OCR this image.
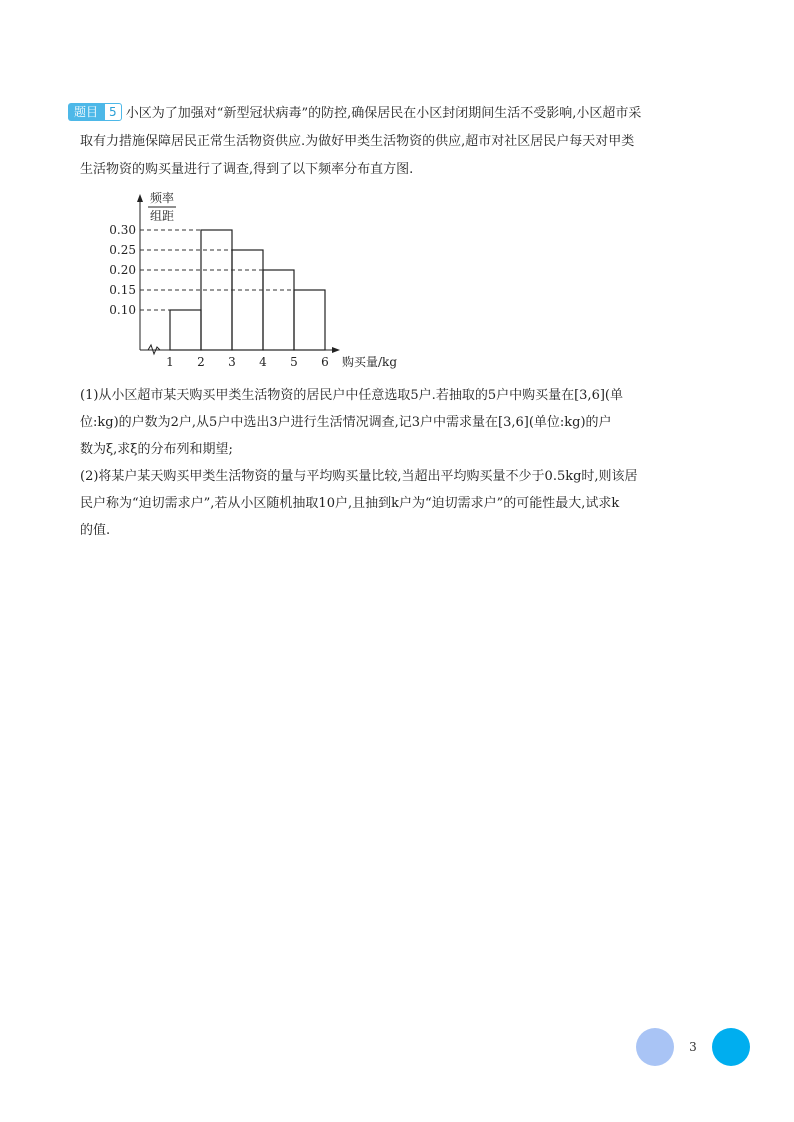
题目 5 小区为了加强对“新型冠状病毒”的防控,确保居民在小区封闭期间生活不受影响,小区超市采
取有力措施保障居民正常生活物资供应.为做好甲类生活物资的供应,超市对社区居民户每天对甲类
生活物资的购买量进行了调查,得到了以下频率分布直方图.
频率
组距
0.10
0.15
0.20
0.25
0.30
1 2 3 4 5 6 购买量/kg
(1)从小区超市某天购买甲类生活物资的居民户中任意选取5户.若抽取的5户中购买量在[3,6](单
位:kg)的户数为2户,从5户中选出3户进行生活情况调查,记3户中需求量在[3,6](单位:kg)的户
数为ξ,求ξ的分布列和期望;
(2)将某户某天购买甲类生活物资的量与平均购买量比较,当超出平均购买量不少于0.5kg时,则该居
民户称为“迫切需求户”,若从小区随机抽取10户,且抽到k户为“迫切需求户”的可能性最大,试求k
的值.
3
